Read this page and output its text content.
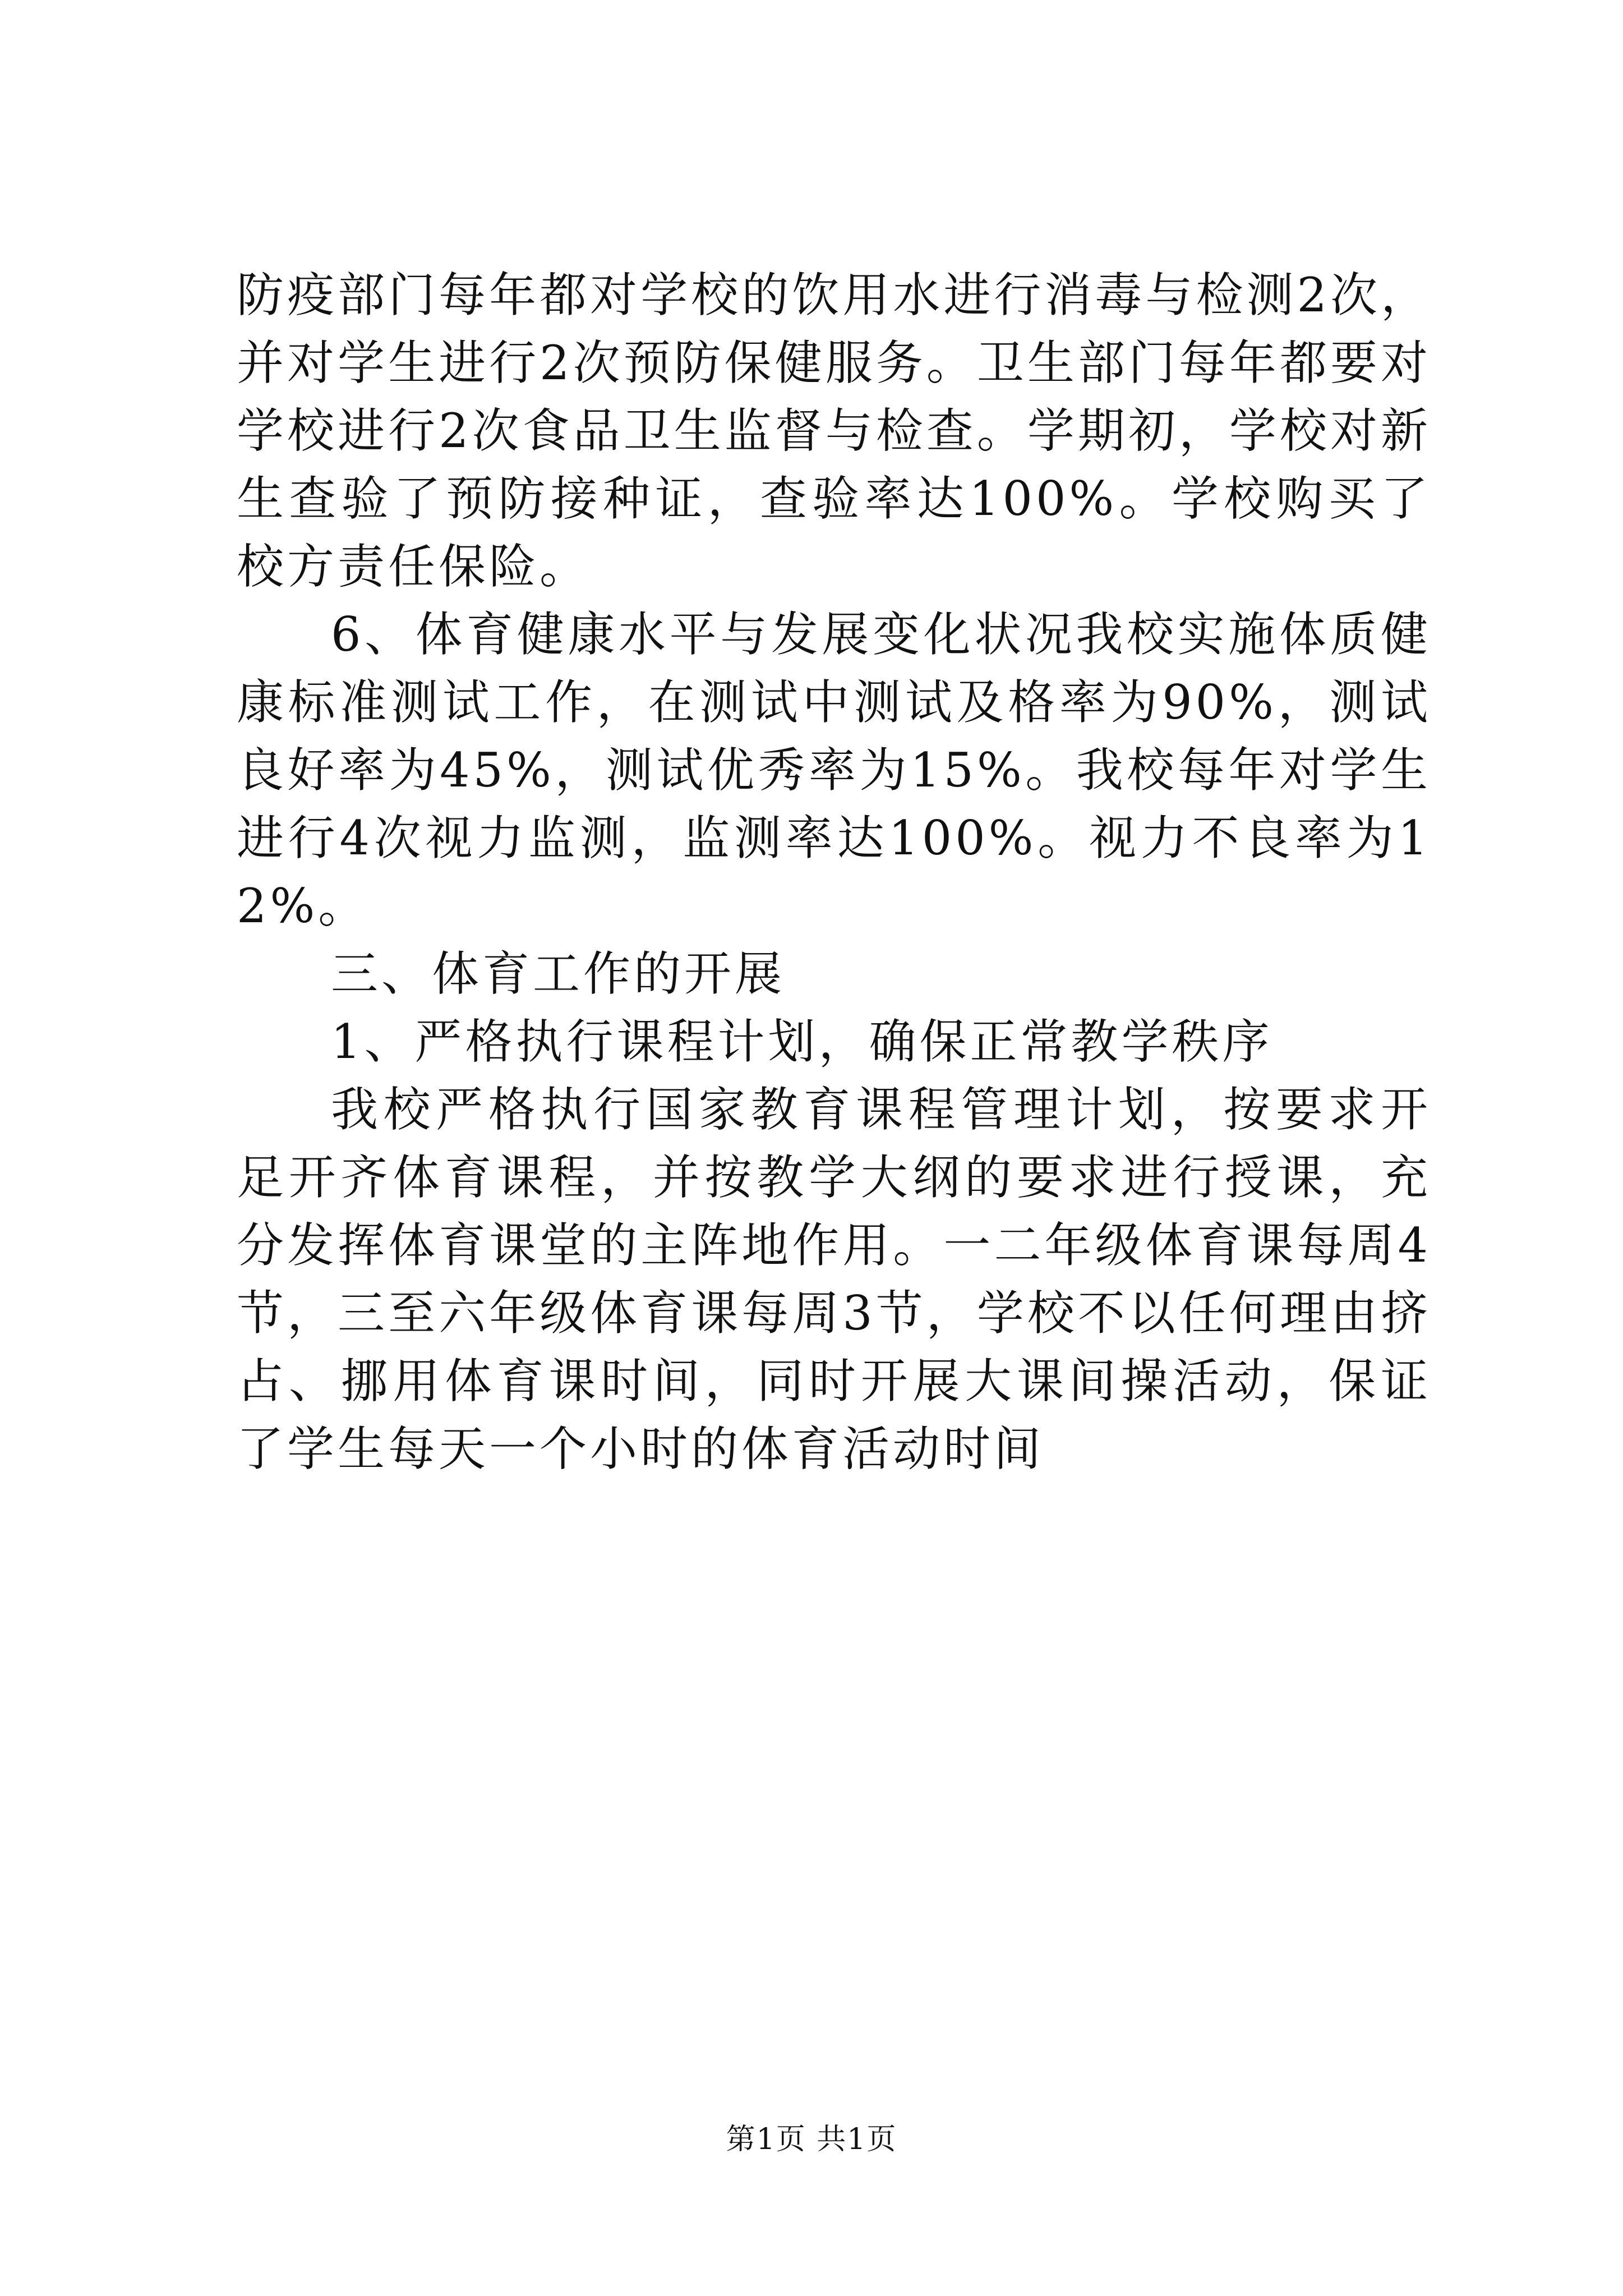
防疫部门每年都对学校的饮用水进行消毒与检测2次，并对学生进行2次预防保健服务。卫生部门每年都要对学校进行2次食品卫生监督与检查。学期初，学校对新生查验了预防接种证，查验率达100%。学校购买了校方责任保险。

6、体育健康水平与发展变化状况我校实施体质健康标准测试工作，在测试中测试及格率为90%，测试良好率为45%，测试优秀率为15%。我校每年对学生进行4次视力监测，监测率达100%。视力不良率为12%。

三、体育工作的开展

1、严格执行课程计划，确保正常教学秩序

我校严格执行国家教育课程管理计划，按要求开足开齐体育课程，并按教学大纲的要求进行授课，充分发挥体育课堂的主阵地作用。一二年级体育课每周4节，三至六年级体育课每周3节，学校不以任何理由挤占、挪用体育课时间，同时开展大课间操活动，保证了学生每天一个小时的体育活动时间

第1页 共1页
